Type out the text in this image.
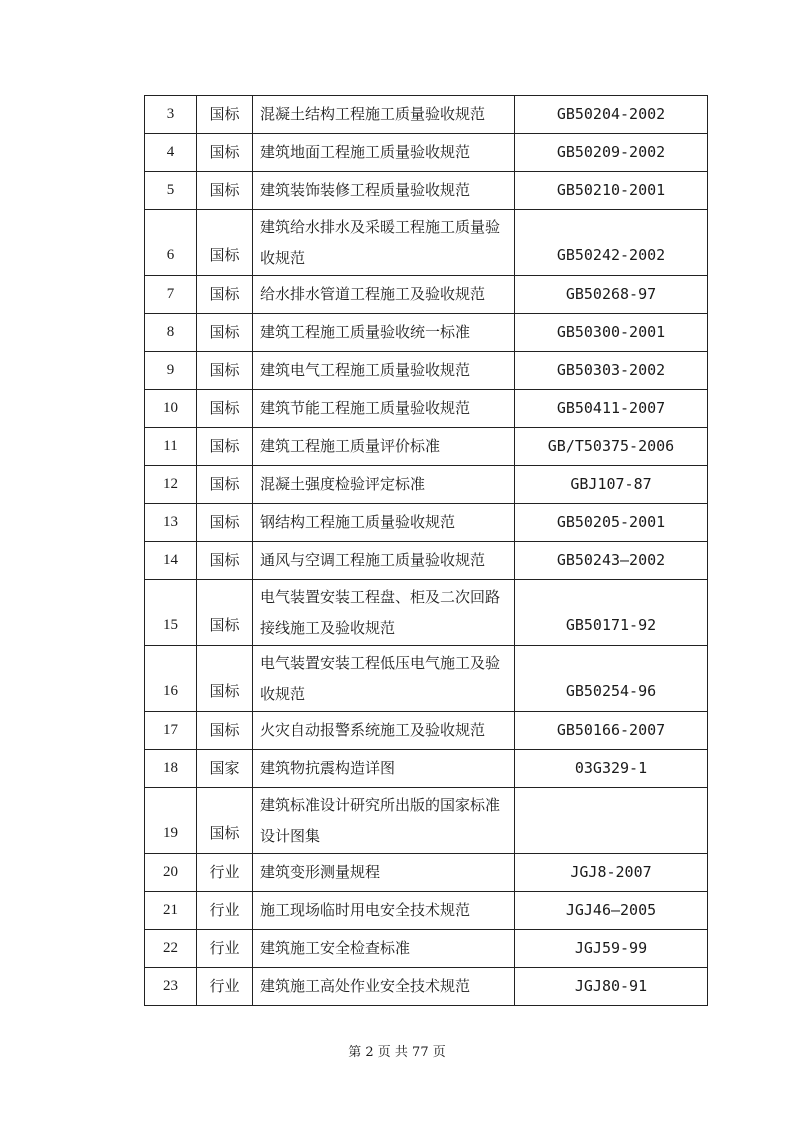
3	国标	混凝土结构工程施工质量验收规范	GB50204-2002
4	国标	建筑地面工程施工质量验收规范	GB50209-2002
5	国标	建筑装饰装修工程质量验收规范	GB50210-2001
6	国标	建筑给水排水及采暖工程施工质量验收规范	GB50242-2002
7	国标	给水排水管道工程施工及验收规范	GB50268-97
8	国标	建筑工程施工质量验收统一标准	GB50300-2001
9	国标	建筑电气工程施工质量验收规范	GB50303-2002
10	国标	建筑节能工程施工质量验收规范	GB50411-2007
11	国标	建筑工程施工质量评价标准	GB/T50375-2006
12	国标	混凝土强度检验评定标准	GBJ107-87
13	国标	钢结构工程施工质量验收规范	GB50205-2001
14	国标	通风与空调工程施工质量验收规范	GB50243—2002
15	国标	电气装置安装工程盘、柜及二次回路接线施工及验收规范	GB50171-92
16	国标	电气装置安装工程低压电气施工及验收规范	GB50254-96
17	国标	火灾自动报警系统施工及验收规范	GB50166-2007
18	国家	建筑物抗震构造详图	03G329-1
19	国标	建筑标准设计研究所出版的国家标准设计图集	
20	行业	建筑变形测量规程	JGJ8-2007
21	行业	施工现场临时用电安全技术规范	JGJ46—2005
22	行业	建筑施工安全检查标准	JGJ59-99
23	行业	建筑施工高处作业安全技术规范	JGJ80-91
第 2 页 共 77 页
